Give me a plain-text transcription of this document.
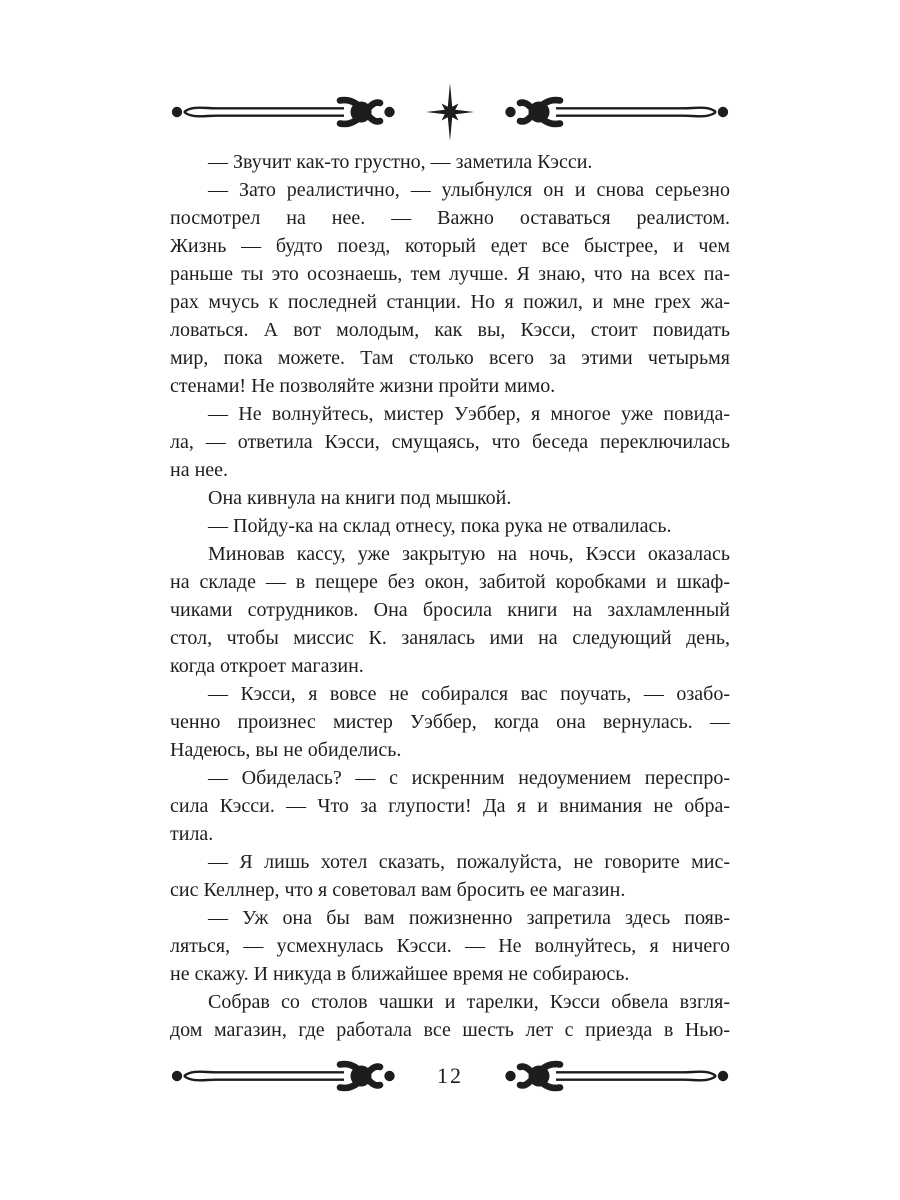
— Звучит как-то грустно, — заметила Кэсси.
— Зато реалистично, — улыбнулся он и снова серьезно
посмотрел на нее. — Важно оставаться реалистом.
Жизнь — будто поезд, который едет все быстрее, и чем
раньше ты это осознаешь, тем лучше. Я знаю, что на всех па-
рах мчусь к последней станции. Но я пожил, и мне грех жа-
ловаться. А вот молодым, как вы, Кэсси, стоит повидать
мир, пока можете. Там столько всего за этими четырьмя
стенами! Не позволяйте жизни пройти мимо.
— Не волнуйтесь, мистер Уэббер, я многое уже повида-
ла, — ответила Кэсси, смущаясь, что беседа переключилась
на нее.
Она кивнула на книги под мышкой.
— Пойду-ка на склад отнесу, пока рука не отвалилась.
Миновав кассу, уже закрытую на ночь, Кэсси оказалась
на складе — в пещере без окон, забитой коробками и шкаф-
чиками сотрудников. Она бросила книги на захламленный
стол, чтобы миссис К. занялась ими на следующий день,
когда откроет магазин.
— Кэсси, я вовсе не собирался вас поучать, — озабо-
ченно произнес мистер Уэббер, когда она вернулась. —
Надеюсь, вы не обиделись.
— Обиделась? — с искренним недоумением переспро-
сила Кэсси. — Что за глупости! Да я и внимания не обра-
тила.
— Я лишь хотел сказать, пожалуйста, не говорите мис-
сис Келлнер, что я советовал вам бросить ее магазин.
— Уж она бы вам пожизненно запретила здесь появ-
ляться, — усмехнулась Кэсси. — Не волнуйтесь, я ничего
не скажу. И никуда в ближайшее время не собираюсь.
Собрав со столов чашки и тарелки, Кэсси обвела взгля-
дом магазин, где работала все шесть лет с приезда в Нью-
12
